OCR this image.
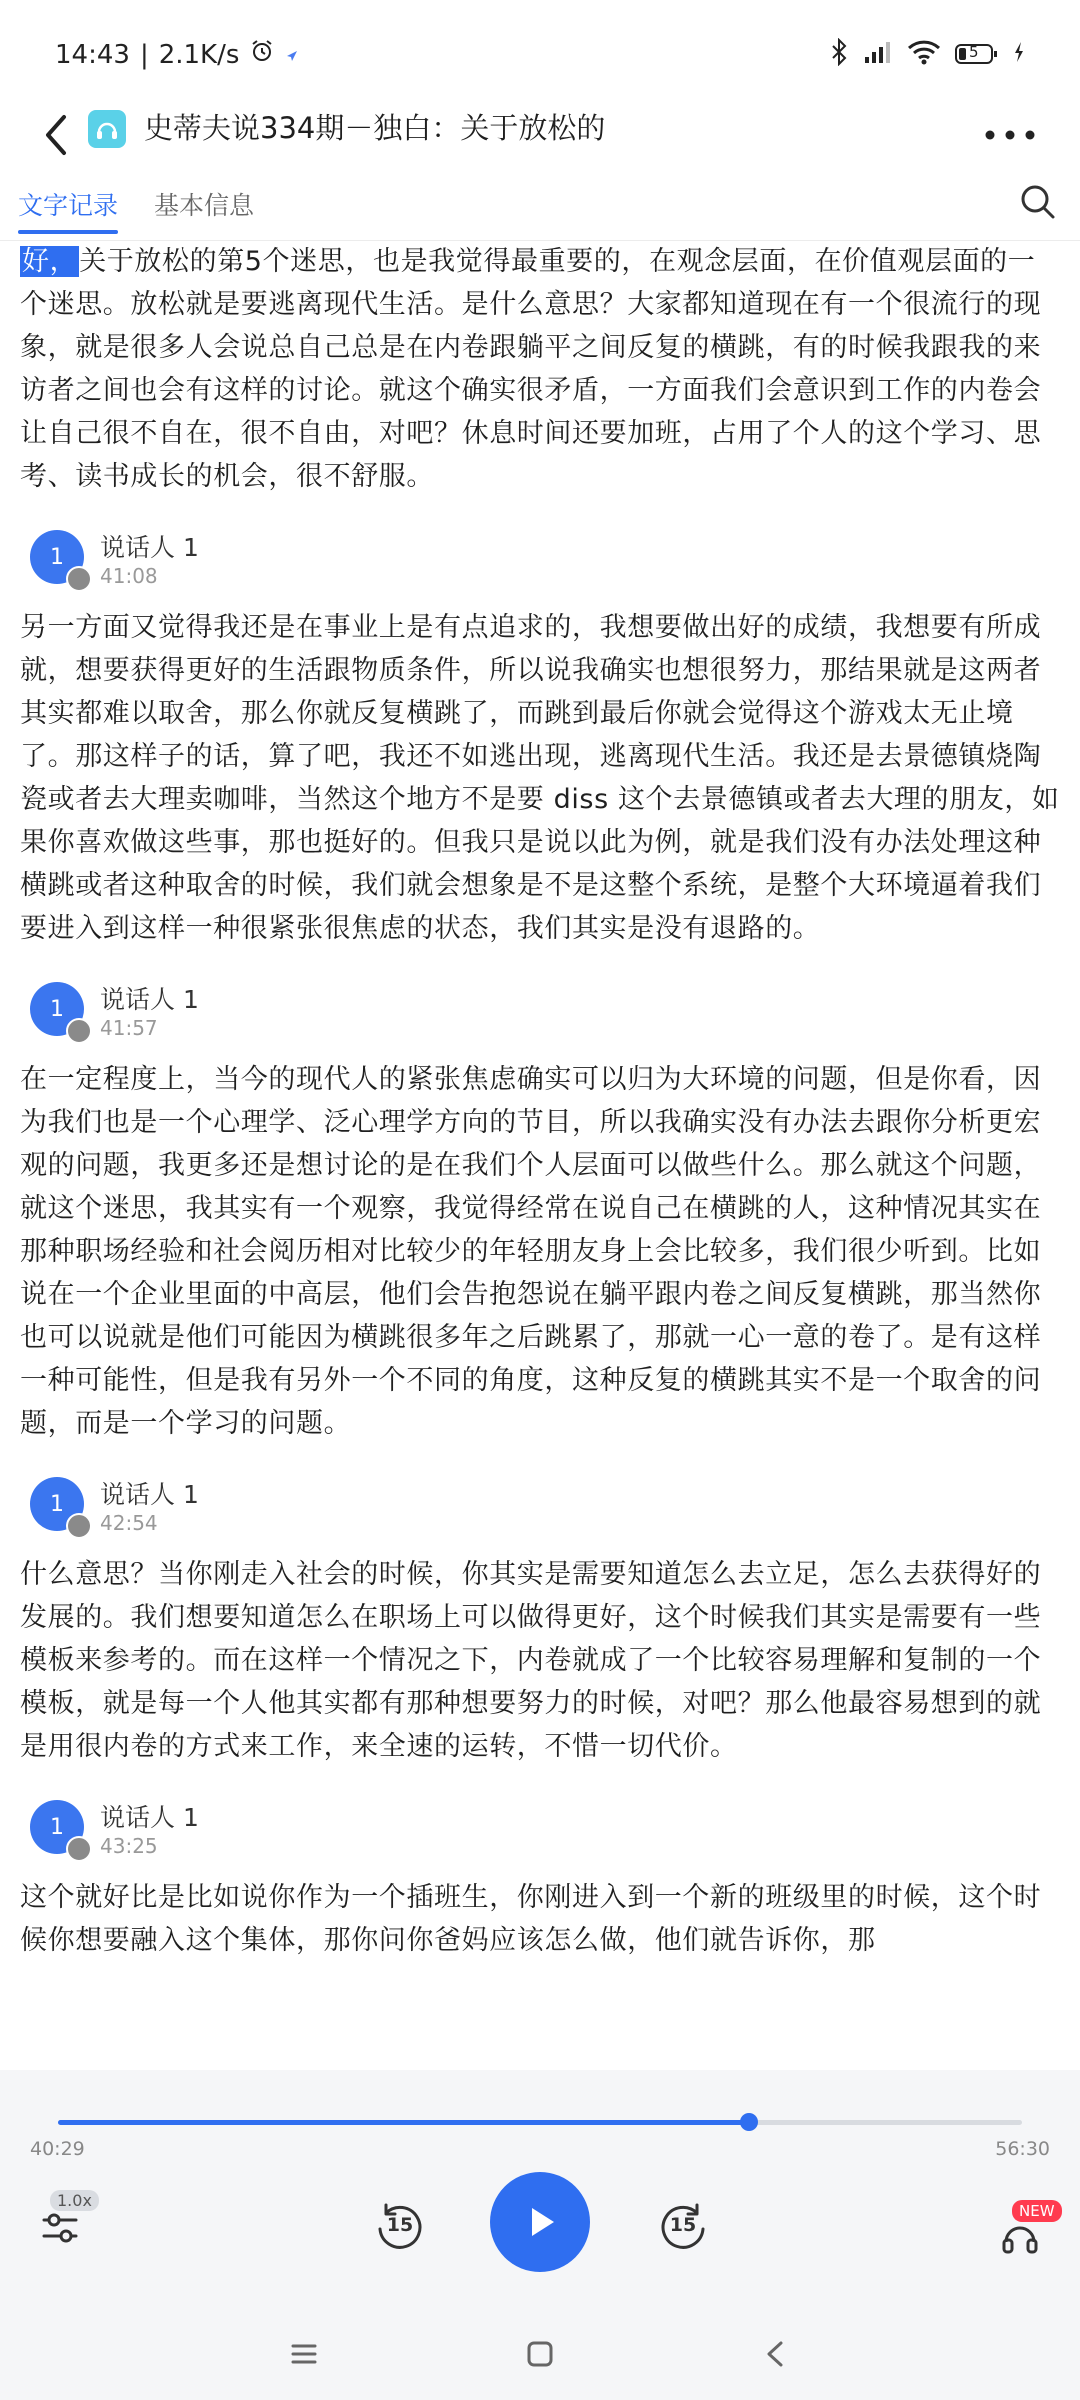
14:43 | 2.1K/s	5
史蒂夫说334期－独白：关于放松的
文字记录 基本信息

好，关于放松的第5个迷思，也是我觉得最重要的，在观念层面，在价值观层面的一个迷思。放松就是要逃离现代生活。是什么意思？大家都知道现在有一个很流行的现象，就是很多人会说总自己总是在内卷跟躺平之间反复的横跳，有的时候我跟我的来访者之间也会有这样的讨论。就这个确实很矛盾，一方面我们会意识到工作的内卷会让自己很不自在，很不自由，对吧？休息时间还要加班，占用了个人的这个学习、思考、读书成长的机会，很不舒服。

1 说话人 1
41:08

另一方面又觉得我还是在事业上是有点追求的，我想要做出好的成绩，我想要有所成就，想要获得更好的生活跟物质条件，所以说我确实也想很努力，那结果就是这两者其实都难以取舍，那么你就反复横跳了，而跳到最后你就会觉得这个游戏太无止境了。那这样子的话，算了吧，我还不如逃出现，逃离现代生活。我还是去景德镇烧陶瓷或者去大理卖咖啡，当然这个地方不是要 diss 这个去景德镇或者去大理的朋友，如果你喜欢做这些事，那也挺好的。但我只是说以此为例，就是我们没有办法处理这种横跳或者这种取舍的时候，我们就会想象是不是这整个系统，是整个大环境逼着我们要进入到这样一种很紧张很焦虑的状态，我们其实是没有退路的。

1 说话人 1
41:57

在一定程度上，当今的现代人的紧张焦虑确实可以归为大环境的问题，但是你看，因为我们也是一个心理学、泛心理学方向的节目，所以我确实没有办法去跟你分析更宏观的问题，我更多还是想讨论的是在我们个人层面可以做些什么。那么就这个问题，就这个迷思，我其实有一个观察，我觉得经常在说自己在横跳的人，这种情况其实在那种职场经验和社会阅历相对比较少的年轻朋友身上会比较多，我们很少听到。比如说在一个企业里面的中高层，他们会告抱怨说在躺平跟内卷之间反复横跳，那当然你也可以说就是他们可能因为横跳很多年之后跳累了，那就一心一意的卷了。是有这样一种可能性，但是我有另外一个不同的角度，这种反复的横跳其实不是一个取舍的问题，而是一个学习的问题。

1 说话人 1
42:54

什么意思？当你刚走入社会的时候，你其实是需要知道怎么去立足，怎么去获得好的发展的。我们想要知道怎么在职场上可以做得更好，这个时候我们其实是需要有一些模板来参考的。而在这样一个情况之下，内卷就成了一个比较容易理解和复制的一个模板，就是每一个人他其实都有那种想要努力的时候，对吧？那么他最容易想到的就是用很内卷的方式来工作，来全速的运转，不惜一切代价。

1 说话人 1
43:25

这个就好比是比如说你作为一个插班生，你刚进入到一个新的班级里的时候，这个时候你想要融入这个集体，那你问你爸妈应该怎么做，他们就告诉你，那

40:29	56:30
1.0x
15	15
NEW
